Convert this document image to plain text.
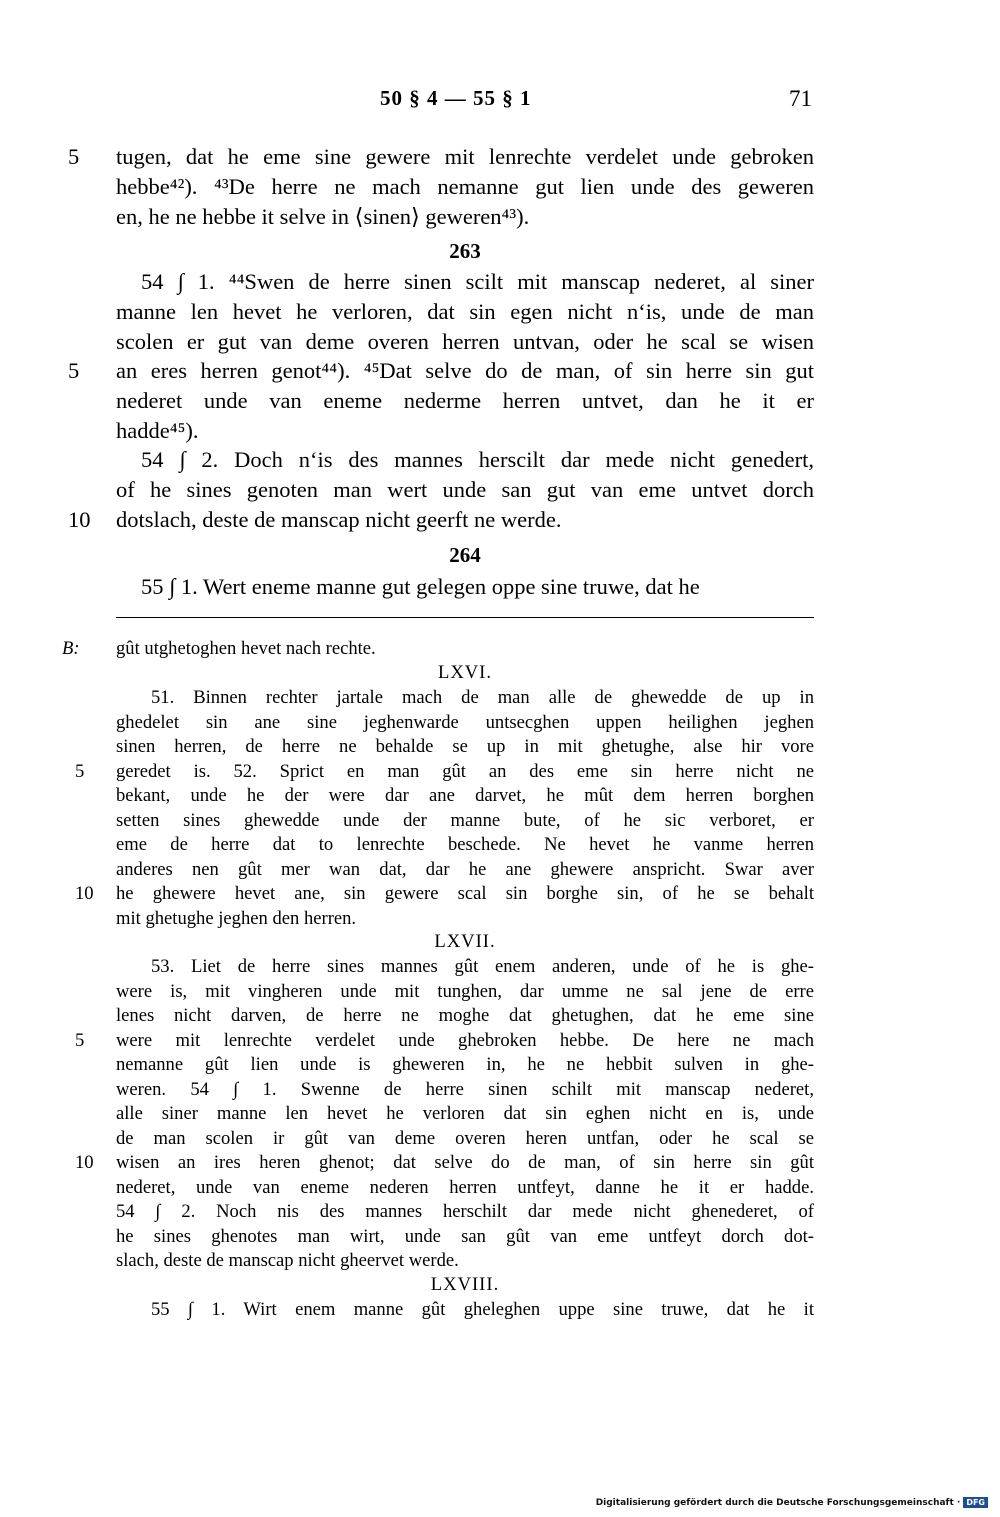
50 § 4 — 55 § 1	71
5 tugen, dat he eme sine gewere mit lenrechte verdelet unde gebroken
hebbe⁴²). ⁴³De herre ne mach nemanne gut lien unde des geweren
en, he ne hebbe it selve in ⟨sinen⟩ geweren⁴³).
263
5
54 ∫ 1. ⁴⁴Swen de herre sinen scilt mit manscap nederet, al siner
manne len hevet he verloren, dat sin egen nicht n‘is, unde de man
scolen er gut van deme overen herren untvan, oder he scal se wisen
an eres herren genot⁴⁴). ⁴⁵Dat selve do de man, of sin herre sin gut
nederet unde van eneme nederme herren untvet, dan he it er
hadde⁴⁵).
10
54 ∫ 2. Doch n‘is des mannes herscilt dar mede nicht genedert,
of he sines genoten man wert unde san gut van eme untvet dorch
dotslach, deste de manscap nicht geerft ne werde.
264
55 ∫ 1. Wert eneme manne gut gelegen oppe sine truwe, dat he
B: gût utghetoghen hevet nach rechte.
LXVI.
5
10
51. Binnen rechter jartale mach de man alle de ghewedde de up in
ghedelet sin ane sine jeghenwarde untsecghen uppen heilighen jeghen
sinen herren, de herre ne behalde se up in mit ghetughe, alse hir vore
geredet is. 52. Sprict en man gût an des eme sin herre nicht ne
bekant, unde he der were dar ane darvet, he mût dem herren borghen
setten sines ghewedde unde der manne bute, of he sic verboret, er
eme de herre dat to lenrechte beschede. Ne hevet he vanme herren
anderes nen gût mer wan dat, dar he ane ghewere anspricht. Swar aver
he ghewere hevet ane, sin gewere scal sin borghe sin, of he se behalt
mit ghetughe jeghen den herren.
LXVII.
5
10
53. Liet de herre sines mannes gût enem anderen, unde of he is ghe-
were is, mit vingheren unde mit tunghen, dar umme ne sal jene de erre
lenes nicht darven, de herre ne moghe dat ghetughen, dat he eme sine
were mit lenrechte verdelet unde ghebroken hebbe. De here ne mach
nemanne gût lien unde is gheweren in, he ne hebbit sulven in ghe-
weren. 54 ∫ 1. Swenne de herre sinen schilt mit manscap nederet,
alle siner manne len hevet he verloren dat sin eghen nicht en is, unde
de man scolen ir gût van deme overen heren untfan, oder he scal se
wisen an ires heren ghenot; dat selve do de man, of sin herre sin gût
nederet, unde van eneme nederen herren untfeyt, danne he it er hadde.
54 ∫ 2. Noch nis des mannes herschilt dar mede nicht ghenederet, of
he sines ghenotes man wirt, unde san gût van eme untfeyt dorch dot-
slach, deste de manscap nicht gheervet werde.
LXVIII.
55 ∫ 1. Wirt enem manne gût gheleghen uppe sine truwe, dat he it
Digitalisierung gefördert durch die Deutsche Forschungsgemeinschaft · DFG
